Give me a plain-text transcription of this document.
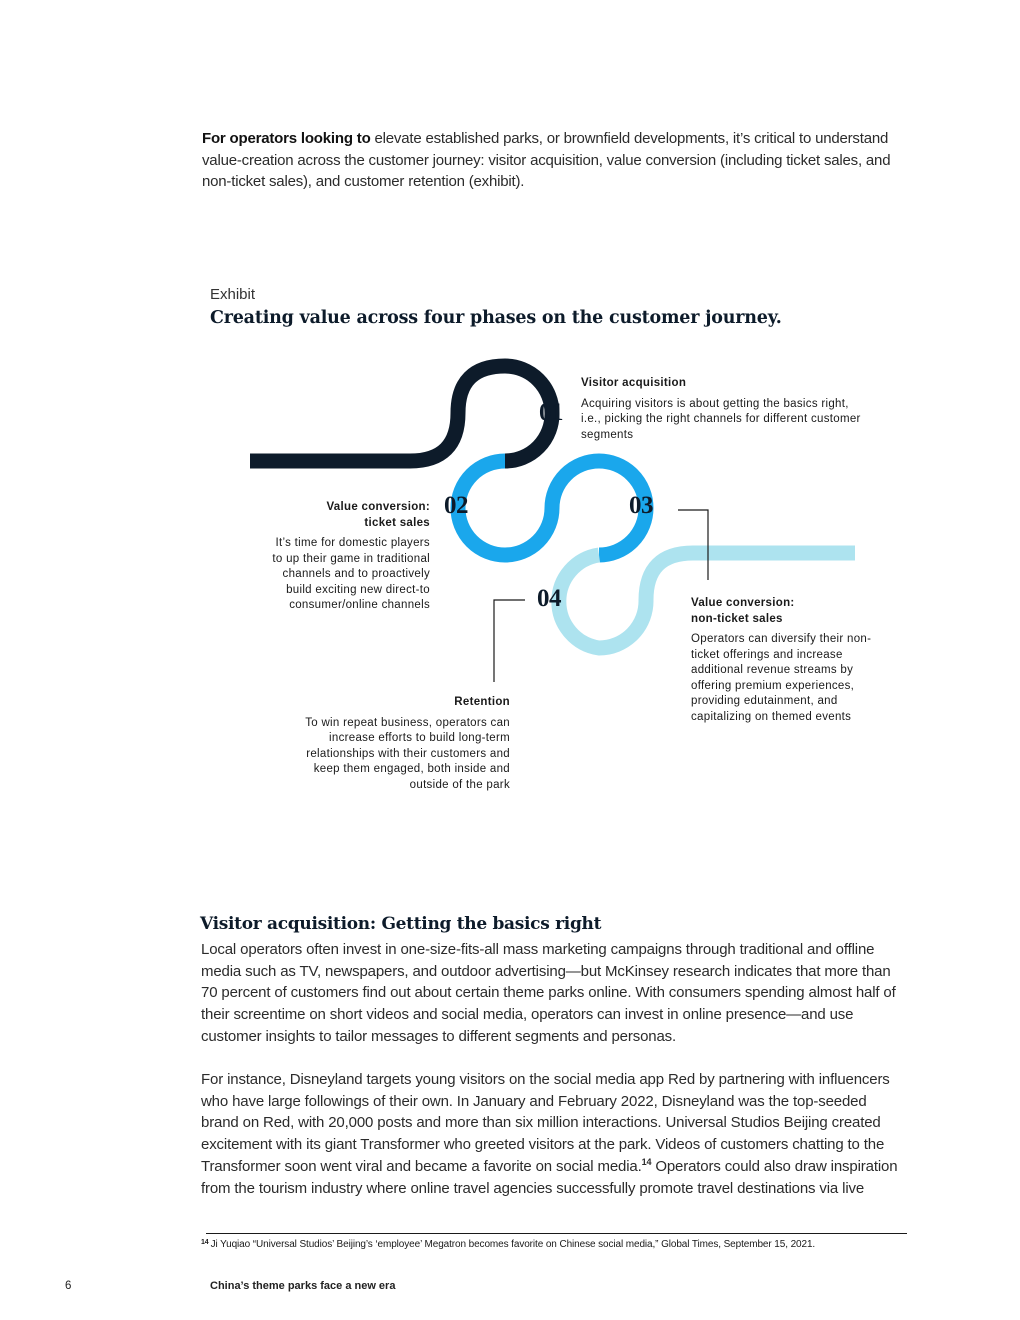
For operators looking to elevate established parks, or brownfield developments, it’s critical to understand value-creation across the customer journey: visitor acquisition, value conversion (including ticket sales, and non-ticket sales), and customer retention (exhibit).

Exhibit
Creating value across four phases on the customer journey.
01
02	03
04
Visitor acquisition
Acquiring visitors is about getting the basics right, i.e., picking the right channels for different customer segments
Value conversion:
ticket sales
It’s time for domestic players to up their game in traditional channels and to proactively build exciting new direct-to consumer/online channels	Value conversion:
non-ticket sales
Operators can diversify their non-ticket offerings and increase additional revenue streams by offering premium experiences, providing edutainment, and capitalizing on themed events
Retention
To win repeat business, operators can increase efforts to build long-term relationships with their customers and keep them engaged, both inside and outside of the park
Visitor acquisition: Getting the basics right

Local operators often invest in one-size-fits-all mass marketing campaigns through traditional and offline media such as TV, newspapers, and outdoor advertising—but McKinsey research indicates that more than 70 percent of customers find out about certain theme parks online. With consumers spending almost half of their screentime on short videos and social media, operators can invest in online presence—and use customer insights to tailor messages to different segments and personas.

For instance, Disneyland targets young visitors on the social media app Red by partnering with influencers who have large followings of their own. In January and February 2022, Disneyland was the top-seeded brand on Red, with 20,000 posts and more than six million interactions. Universal Studios Beijing created excitement with its giant Transformer who greeted visitors at the park. Videos of customers chatting to the Transformer soon went viral and became a favorite on social media.$^{14}$ Operators could also draw inspiration from the tourism industry where online travel agencies successfully promote travel destinations via live

$^{14}$ Ji Yuqiao “Universal Studios’ Beijing’s ‘employee’ Megatron becomes favorite on Chinese social media,” Global Times, September 15, 2021.
6	China’s theme parks face a new era
